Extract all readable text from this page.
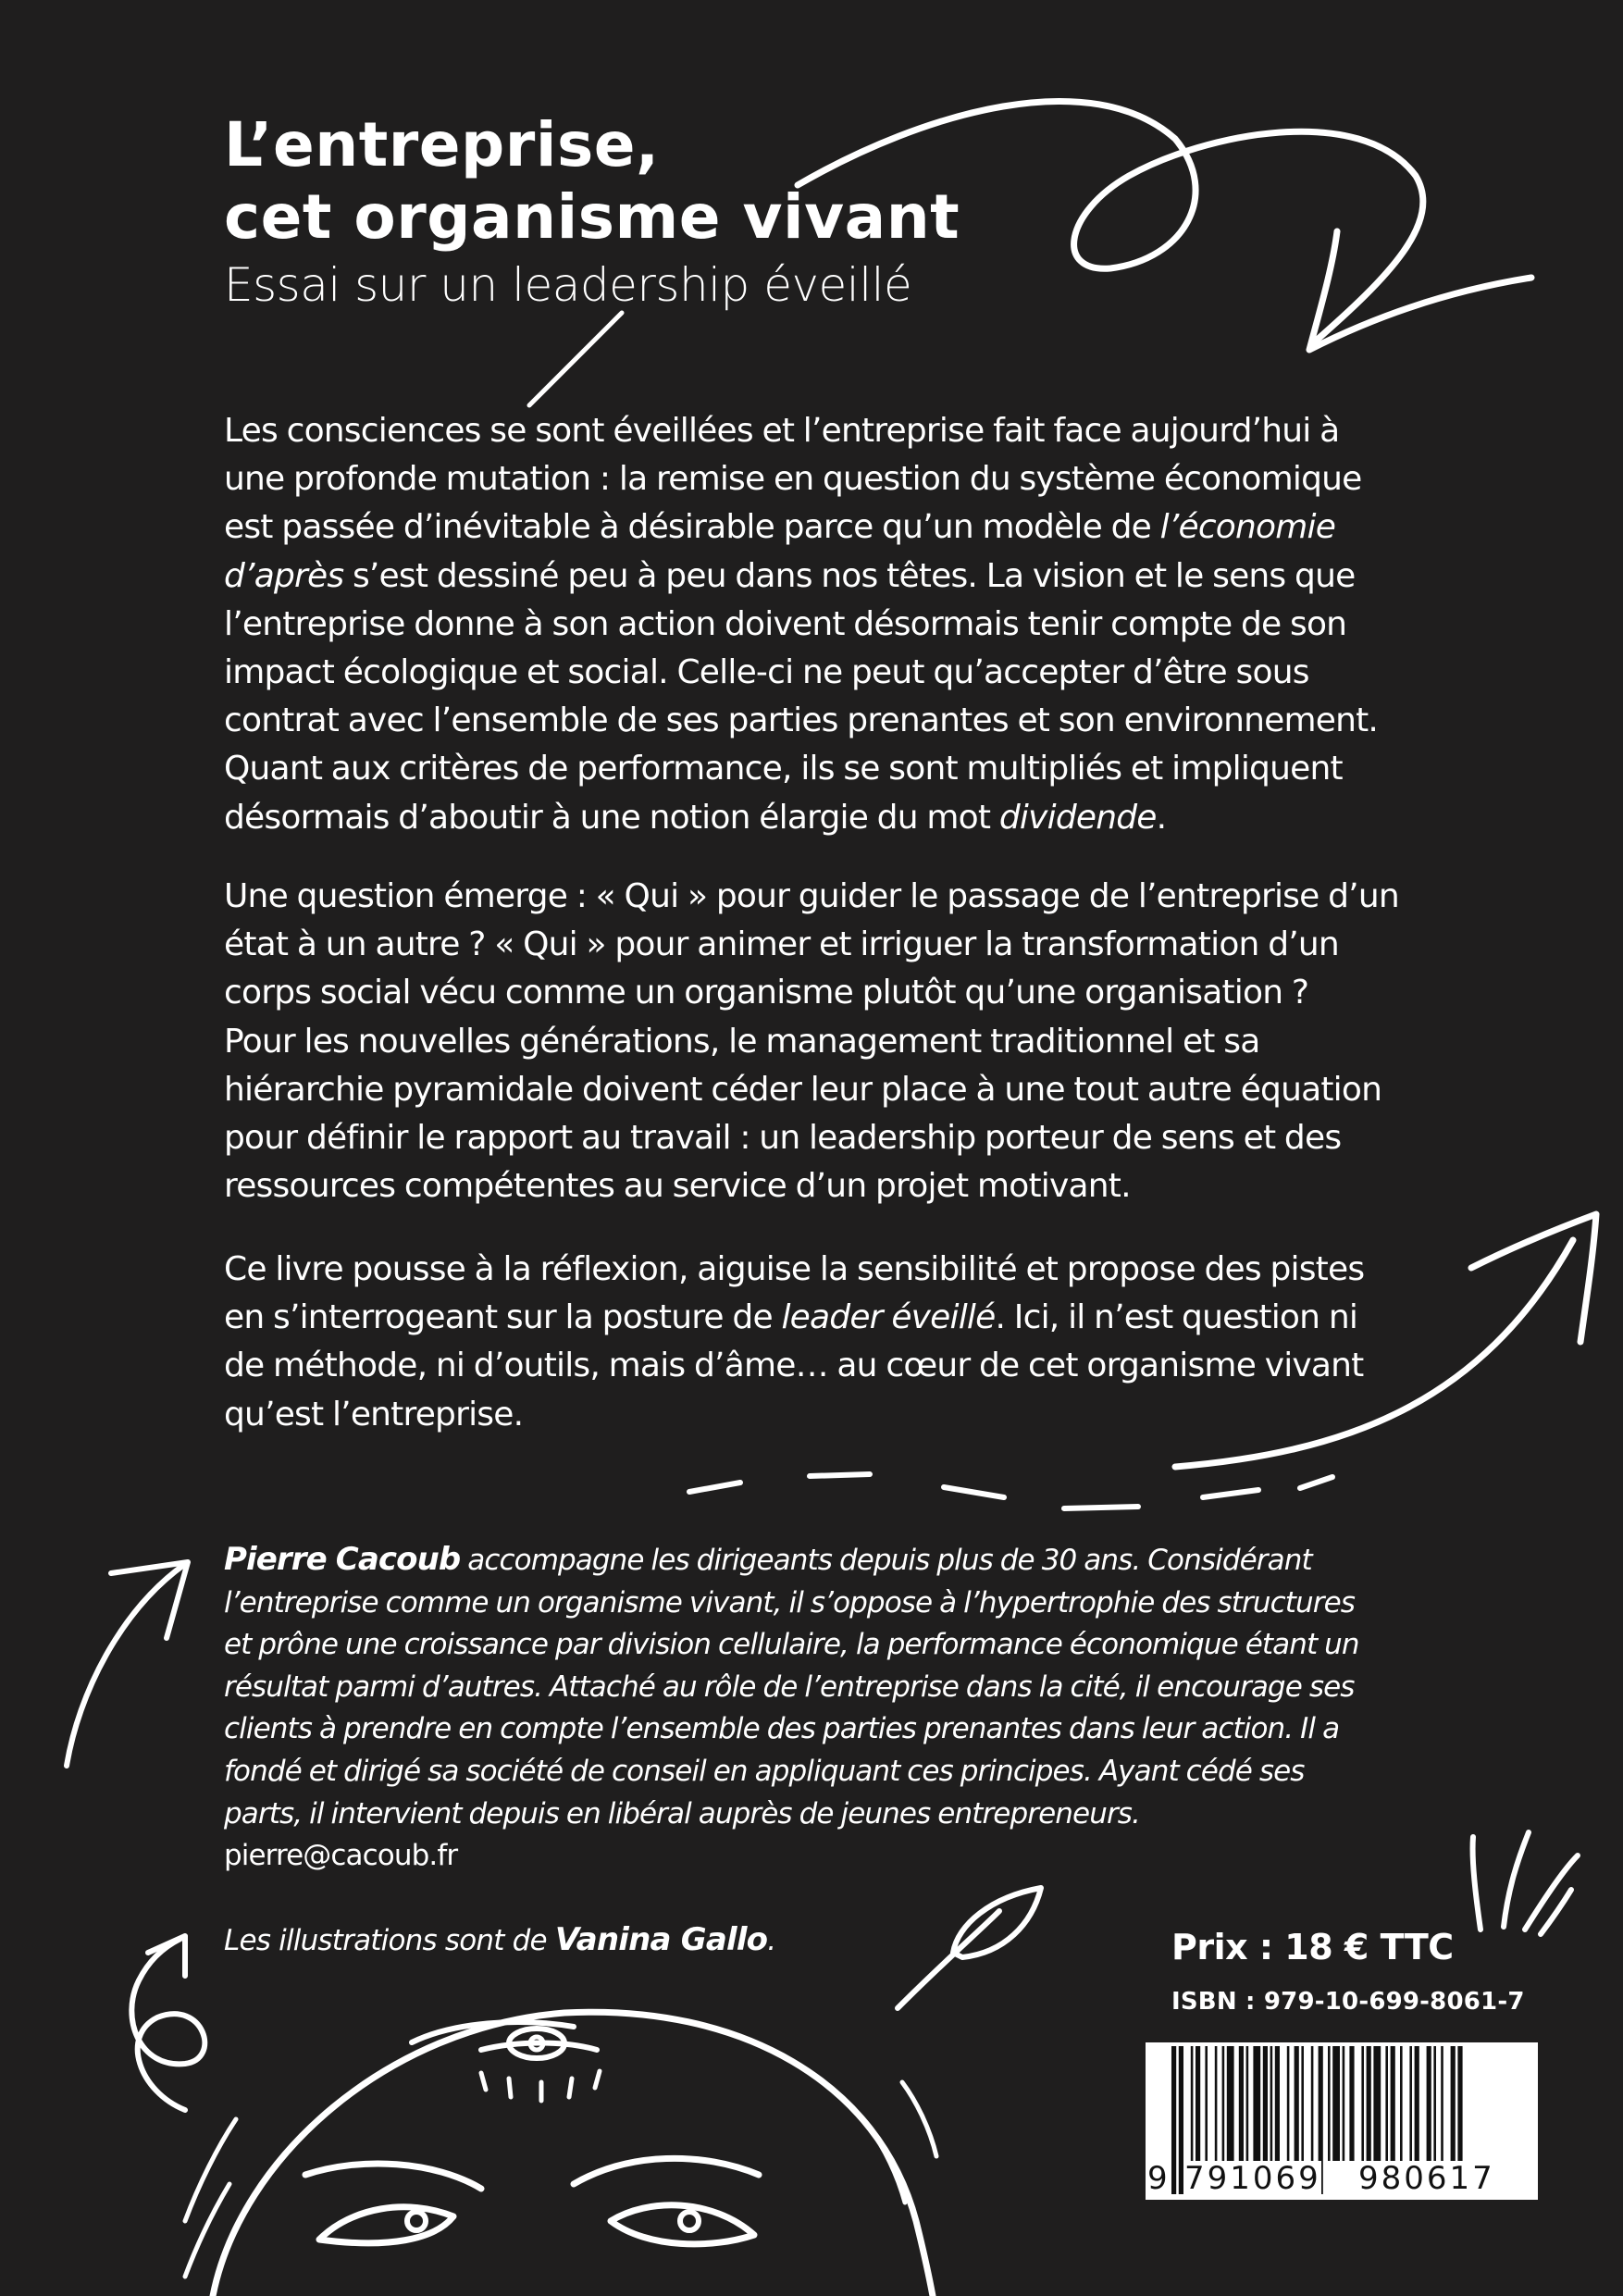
L’entreprise,
cet organisme vivant

Essai sur un leadership éveillé

Les consciences se sont éveillées et l’entreprise fait face aujourd’hui à
une profonde mutation : la remise en question du système économique
est passée d’inévitable à désirable parce qu’un modèle de l’économie
d’après s’est dessiné peu à peu dans nos têtes. La vision et le sens que
l’entreprise donne à son action doivent désormais tenir compte de son
impact écologique et social. Celle-ci ne peut qu’accepter d’être sous
contrat avec l’ensemble de ses parties prenantes et son environnement.
Quant aux critères de performance, ils se sont multipliés et impliquent
désormais d’aboutir à une notion élargie du mot dividende.
Une question émerge : « Qui » pour guider le passage de l’entreprise d’un
état à un autre ? « Qui » pour animer et irriguer la transformation d’un
corps social vécu comme un organisme plutôt qu’une organisation ?
Pour les nouvelles générations, le management traditionnel et sa
hiérarchie pyramidale doivent céder leur place à une tout autre équation
pour définir le rapport au travail : un leadership porteur de sens et des
ressources compétentes au service d’un projet motivant.
Ce livre pousse à la réflexion, aiguise la sensibilité et propose des pistes
en s’interrogeant sur la posture de leader éveillé. Ici, il n’est question ni
de méthode, ni d’outils, mais d’âme… au cœur de cet organisme vivant
qu’est l’entreprise.
Pierre Cacoub accompagne les dirigeants depuis plus de 30 ans. Considérant
l’entreprise comme un organisme vivant, il s’oppose à l’hypertrophie des structures
et prône une croissance par division cellulaire, la performance économique étant un
résultat parmi d’autres. Attaché au rôle de l’entreprise dans la cité, il encourage ses
clients à prendre en compte l’ensemble des parties prenantes dans leur action. Il a
fondé et dirigé sa société de conseil en appliquant ces principes. Ayant cédé ses
parts, il intervient depuis en libéral auprès de jeunes entrepreneurs.
pierre@cacoub.fr

Les illustrations sont de Vanina Gallo.	Prix : 18 € TTC

ISBN : 979-10-699-8061-7

9 791069 980617
